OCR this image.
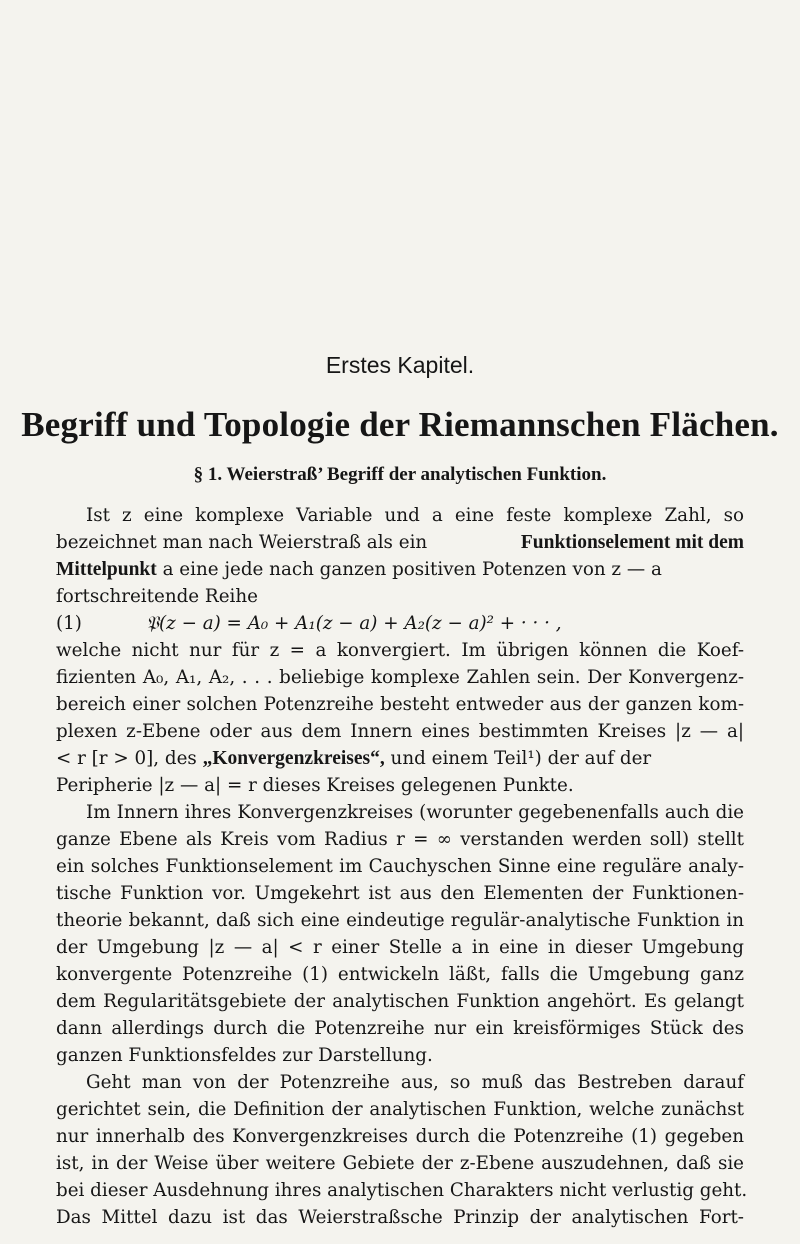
Erstes Kapitel.
Begriff und Topologie der Riemannschen Flächen.
§ 1. Weierstraß’ Begriff der analytischen Funktion.
Ist z eine komplexe Variable und a eine feste komplexe Zahl, so
bezeichnet man nach Weierstraß als ein	Funktionselement mit dem
Mittelpunkt a eine jede nach ganzen positiven Potenzen von z — a
fortschreitende Reihe
(1)	𝔓(z − a) = A₀ + A₁(z − a) + A₂(z − a)² + · · · ,
welche nicht nur für z = a konvergiert. Im übrigen können die Koef-
fizienten A₀, A₁, A₂, . . . beliebige komplexe Zahlen sein. Der Konvergenz-
bereich einer solchen Potenzreihe besteht entweder aus der ganzen kom-
plexen z-Ebene oder aus dem Innern eines bestimmten Kreises |z — a|
< r [r > 0], des „Konvergenzkreises“, und einem Teil¹) der auf der
Peripherie |z — a| = r dieses Kreises gelegenen Punkte.
Im Innern ihres Konvergenzkreises (worunter gegebenenfalls auch die
ganze Ebene als Kreis vom Radius r = ∞ verstanden werden soll) stellt
ein solches Funktionselement im Cauchyschen Sinne eine reguläre analy-
tische Funktion vor. Umgekehrt ist aus den Elementen der Funktionen-
theorie bekannt, daß sich eine eindeutige regulär-analytische Funktion in
der Umgebung |z — a| < r einer Stelle a in eine in dieser Umgebung
konvergente Potenzreihe (1) entwickeln läßt, falls die Umgebung ganz
dem Regularitätsgebiete der analytischen Funktion angehört. Es gelangt
dann allerdings durch die Potenzreihe nur ein kreisförmiges Stück des
ganzen Funktionsfeldes zur Darstellung.
Geht man von der Potenzreihe aus, so muß das Bestreben darauf
gerichtet sein, die Definition der analytischen Funktion, welche zunächst
nur innerhalb des Konvergenzkreises durch die Potenzreihe (1) gegeben
ist, in der Weise über weitere Gebiete der z-Ebene auszudehnen, daß sie
bei dieser Ausdehnung ihres analytischen Charakters nicht verlustig geht.
Das Mittel dazu ist das Weierstraßsche Prinzip der analytischen Fort-
